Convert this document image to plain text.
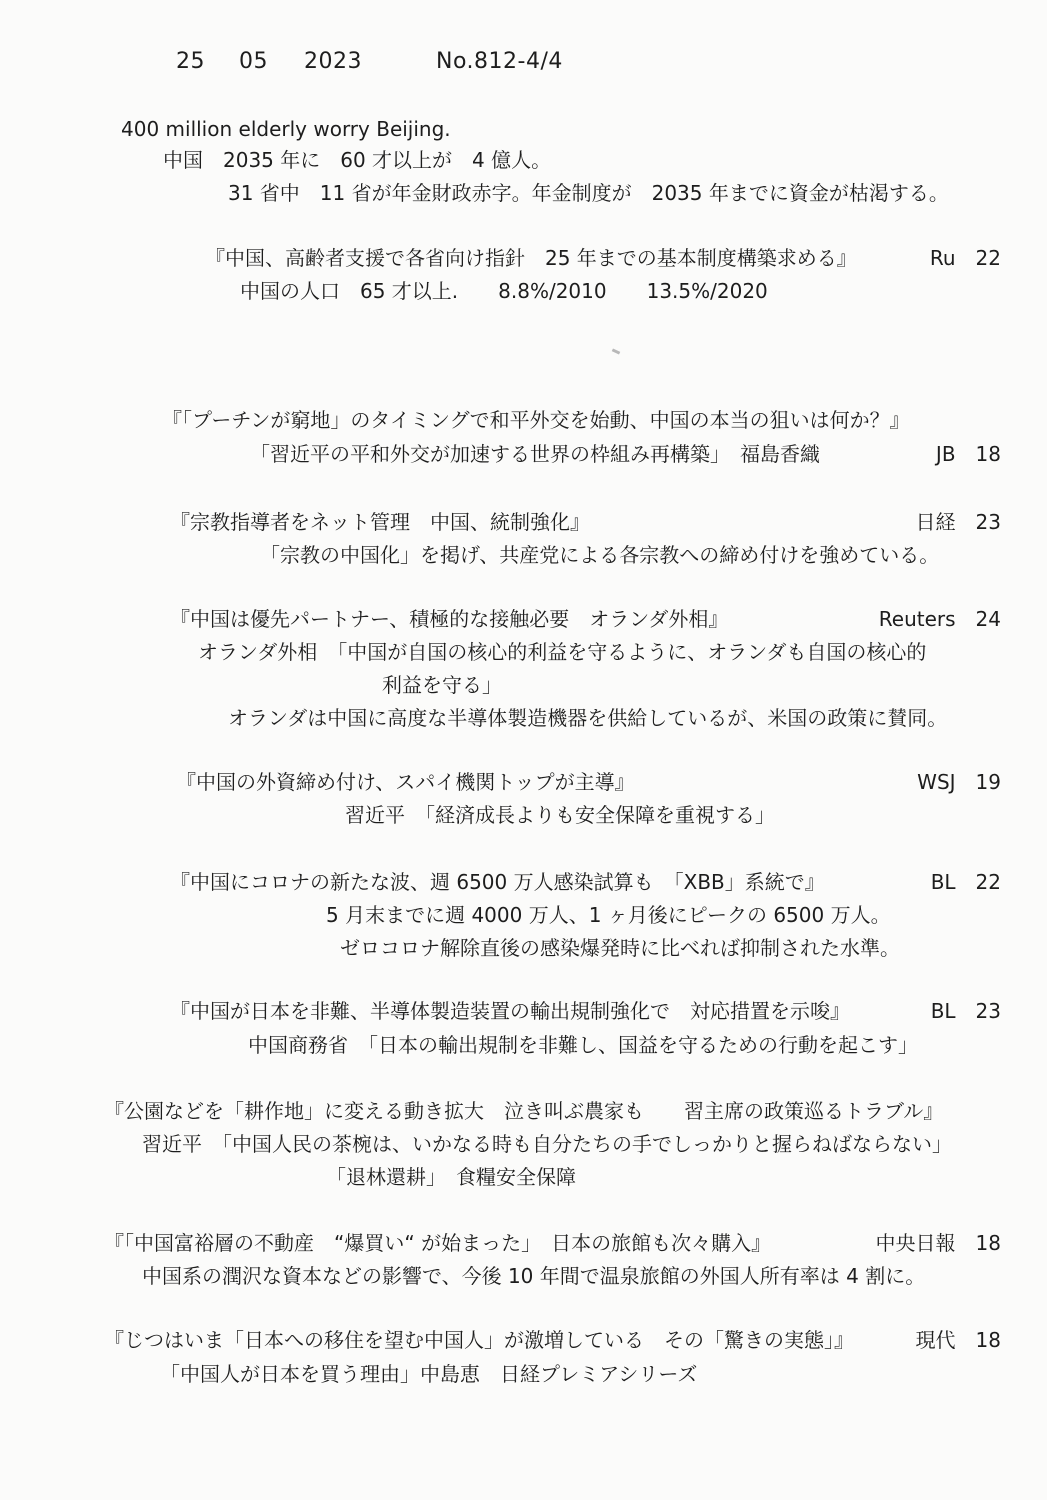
25 05 2023	No.812-4/4
400 million elderly worry Beijing.
中国　2035 年に　60 才以上が　4 億人。
31 省中　11 省が年金財政赤字。年金制度が　2035 年までに資金が枯渇する。
『中国、高齢者支援で各省向け指針　25 年までの基本制度構築求める』	Ru　22
中国の人口　65 才以上.　　8.8%/2010　　13.5%/2020
『「プーチンが窮地」のタイミングで和平外交を始動、中国の本当の狙いは何か？』
「習近平の平和外交が加速する世界の枠組み再構築」　福島香織	JB　18
『宗教指導者をネット管理　中国、統制強化』	日経　23
「宗教の中国化」を掲げ、共産党による各宗教への締め付けを強めている。
『中国は優先パートナー、積極的な接触必要　オランダ外相』	Reuters　24
オランダ外相　「中国が自国の核心的利益を守るように、オランダも自国の核心的
利益を守る」
オランダは中国に高度な半導体製造機器を供給しているが、米国の政策に賛同。
『中国の外資締め付け、スパイ機関トップが主導』	WSJ　19
習近平　「経済成長よりも安全保障を重視する」
『中国にコロナの新たな波、週 6500 万人感染試算も　「XBB」系統で』	BL　22
5 月末までに週 4000 万人、1 ヶ月後にピークの 6500 万人。
ゼロコロナ解除直後の感染爆発時に比べれば抑制された水準。
『中国が日本を非難、半導体製造装置の輸出規制強化で　対応措置を示唆』	BL　23
中国商務省　「日本の輸出規制を非難し、国益を守るための行動を起こす」
『公園などを「耕作地」に変える動き拡大　泣き叫ぶ農家も　　習主席の政策巡るトラブル』
習近平　「中国人民の茶椀は、いかなる時も自分たちの手でしっかりと握らねばならない」
「退林還耕」　食糧安全保障
『「中国富裕層の不動産　“爆買い“ が始まった」　日本の旅館も次々購入』	中央日報　18
中国系の潤沢な資本などの影響で、今後 10 年間で温泉旅館の外国人所有率は 4 割に。
『じつはいま「日本への移住を望む中国人」が激増している　その「驚きの実態」』	現代　18
「中国人が日本を買う理由」中島恵　日経プレミアシリーズ
